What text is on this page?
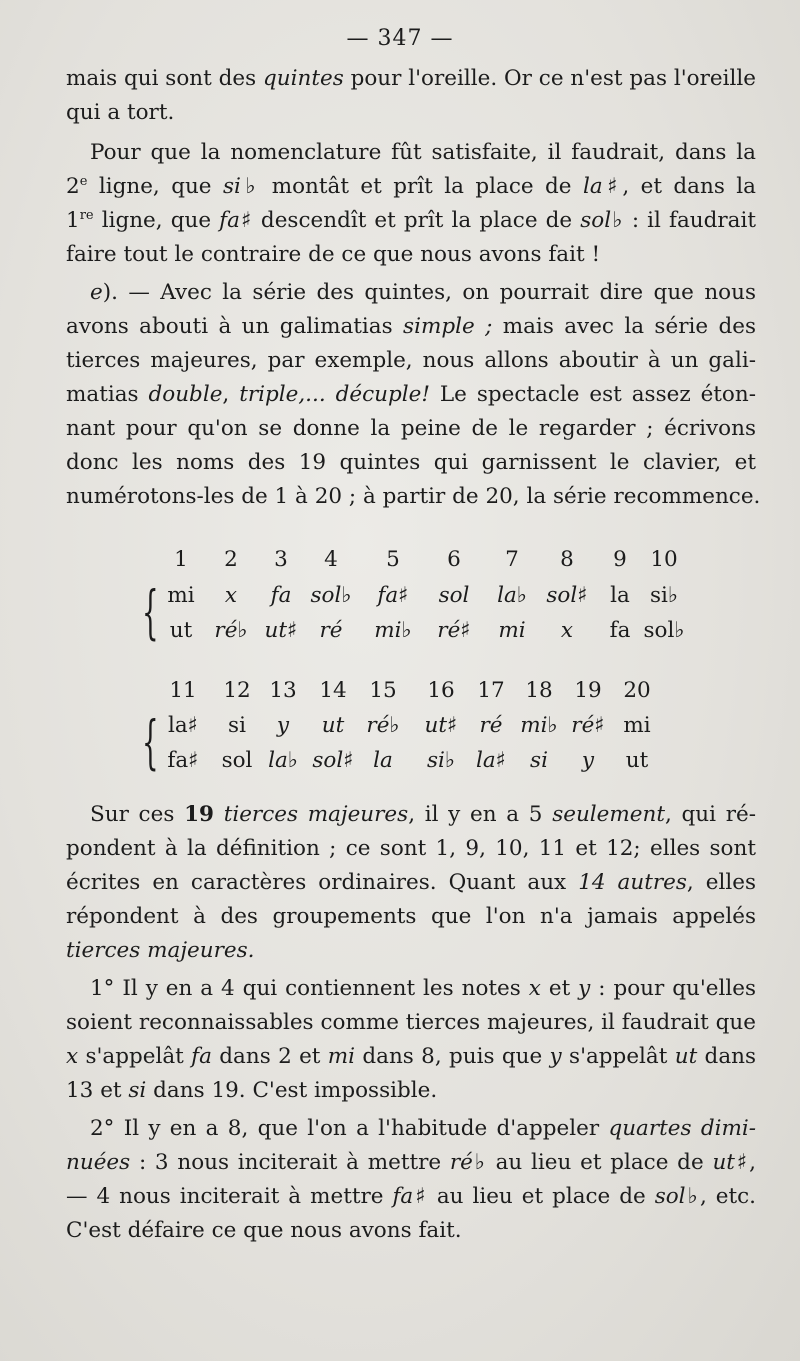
— 347 —
mais qui sont des quintes pour l'oreille. Or ce n'est pas l'oreille
qui a tort.
Pour que la nomenclature fût satisfaite, il faudrait, dans la
2e ligne, que si♭ montât et prît la place de la♯, et dans la
1re ligne, que fa♯ descendît et prît la place de sol♭ : il faudrait
faire tout le contraire de ce que nous avons fait !
e). — Avec la série des quintes, on pourrait dire que nous
avons abouti à un galimatias simple ; mais avec la série des
tierces majeures, par exemple, nous allons aboutir à un gali-
matias double, triple,... décuple! Le spectacle est assez éton-
nant pour qu'on se donne la peine de le regarder ; écrivons
donc les noms des 19 quintes qui garnissent le clavier, et
numérotons-les de 1 à 20 ; à partir de 20, la série recommence.
Sur ces 19 tierces majeures, il y en a 5 seulement, qui ré-
pondent à la définition ; ce sont 1, 9, 10, 11 et 12; elles sont
écrites en caractères ordinaires. Quant aux 14 autres, elles
répondent à des groupements que l'on n'a jamais appelés
tierces majeures.
1° Il y en a 4 qui contiennent les notes x et y : pour qu'elles
soient reconnaissables comme tierces majeures, il faudrait que
x s'appelât fa dans 2 et mi dans 8, puis que y s'appelât ut dans
13 et si dans 19. C'est impossible.
2° Il y en a 8, que l'on a l'habitude d'appeler quartes dimi-
nuées : 3 nous inciterait à mettre ré♭ au lieu et place de ut♯,
— 4 nous inciterait à mettre fa♯ au lieu et place de sol♭, etc.
C'est défaire ce que nous avons fait.
1 2 3 4 5 6 7 8 9 10
mi x fa sol♭ fa♯ sol la♭ sol♯ la si♭
ut ré♭ ut♯ ré mi♭ ré♯ mi x fa sol♭
{
11 12 13 14 15 16 17 18 19 20
la♯ si y ut ré♭ ut♯ ré mi♭ ré♯ mi
fa♯ sol la♭ sol♯ la si♭ la♯ si y ut
{
